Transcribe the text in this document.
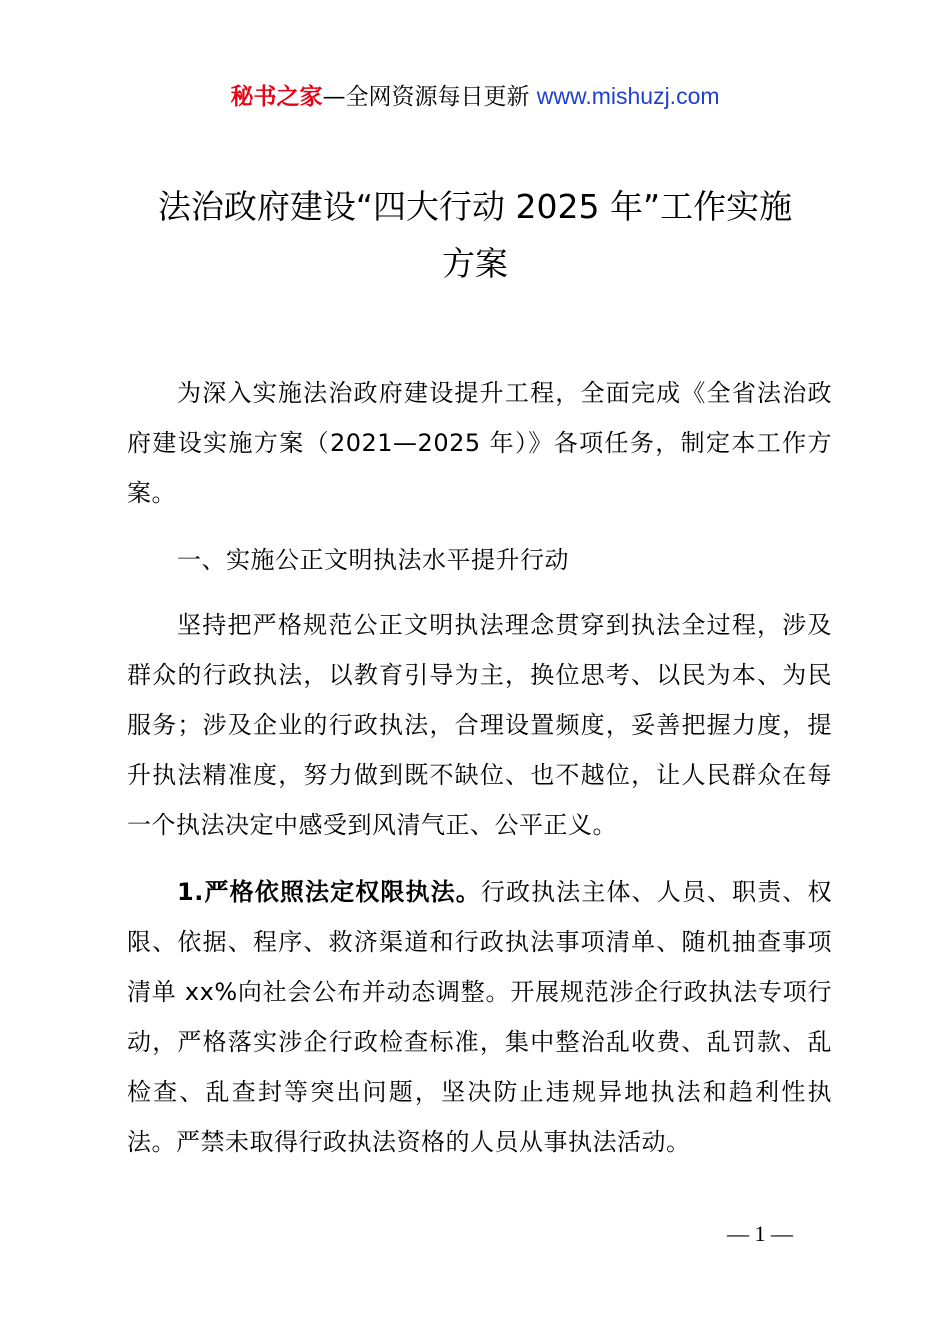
秘书之家—全网资源每日更新 www.mishuzj.com
法治政府建设“四大行动 2025 年”工作实施
方案

为深入实施法治政府建设提升工程，全面完成《全省法治政府建设实施方案（2021—2025 年）》各项任务，制定本工作方案。

一、实施公正文明执法水平提升行动

坚持把严格规范公正文明执法理念贯穿到执法全过程，涉及群众的行政执法，以教育引导为主，换位思考、以民为本、为民服务；涉及企业的行政执法，合理设置频度，妥善把握力度，提升执法精准度，努力做到既不缺位、也不越位，让人民群众在每一个执法决定中感受到风清气正、公平正义。

1.严格依照法定权限执法。行政执法主体、人员、职责、权限、依据、程序、救济渠道和行政执法事项清单、随机抽查事项清单 xx%向社会公布并动态调整。开展规范涉企行政执法专项行动，严格落实涉企行政检查标准，集中整治乱收费、乱罚款、乱检查、乱查封等突出问题，坚决防止违规异地执法和趋利性执法。严禁未取得行政执法资格的人员从事执法活动。

— 1 —
